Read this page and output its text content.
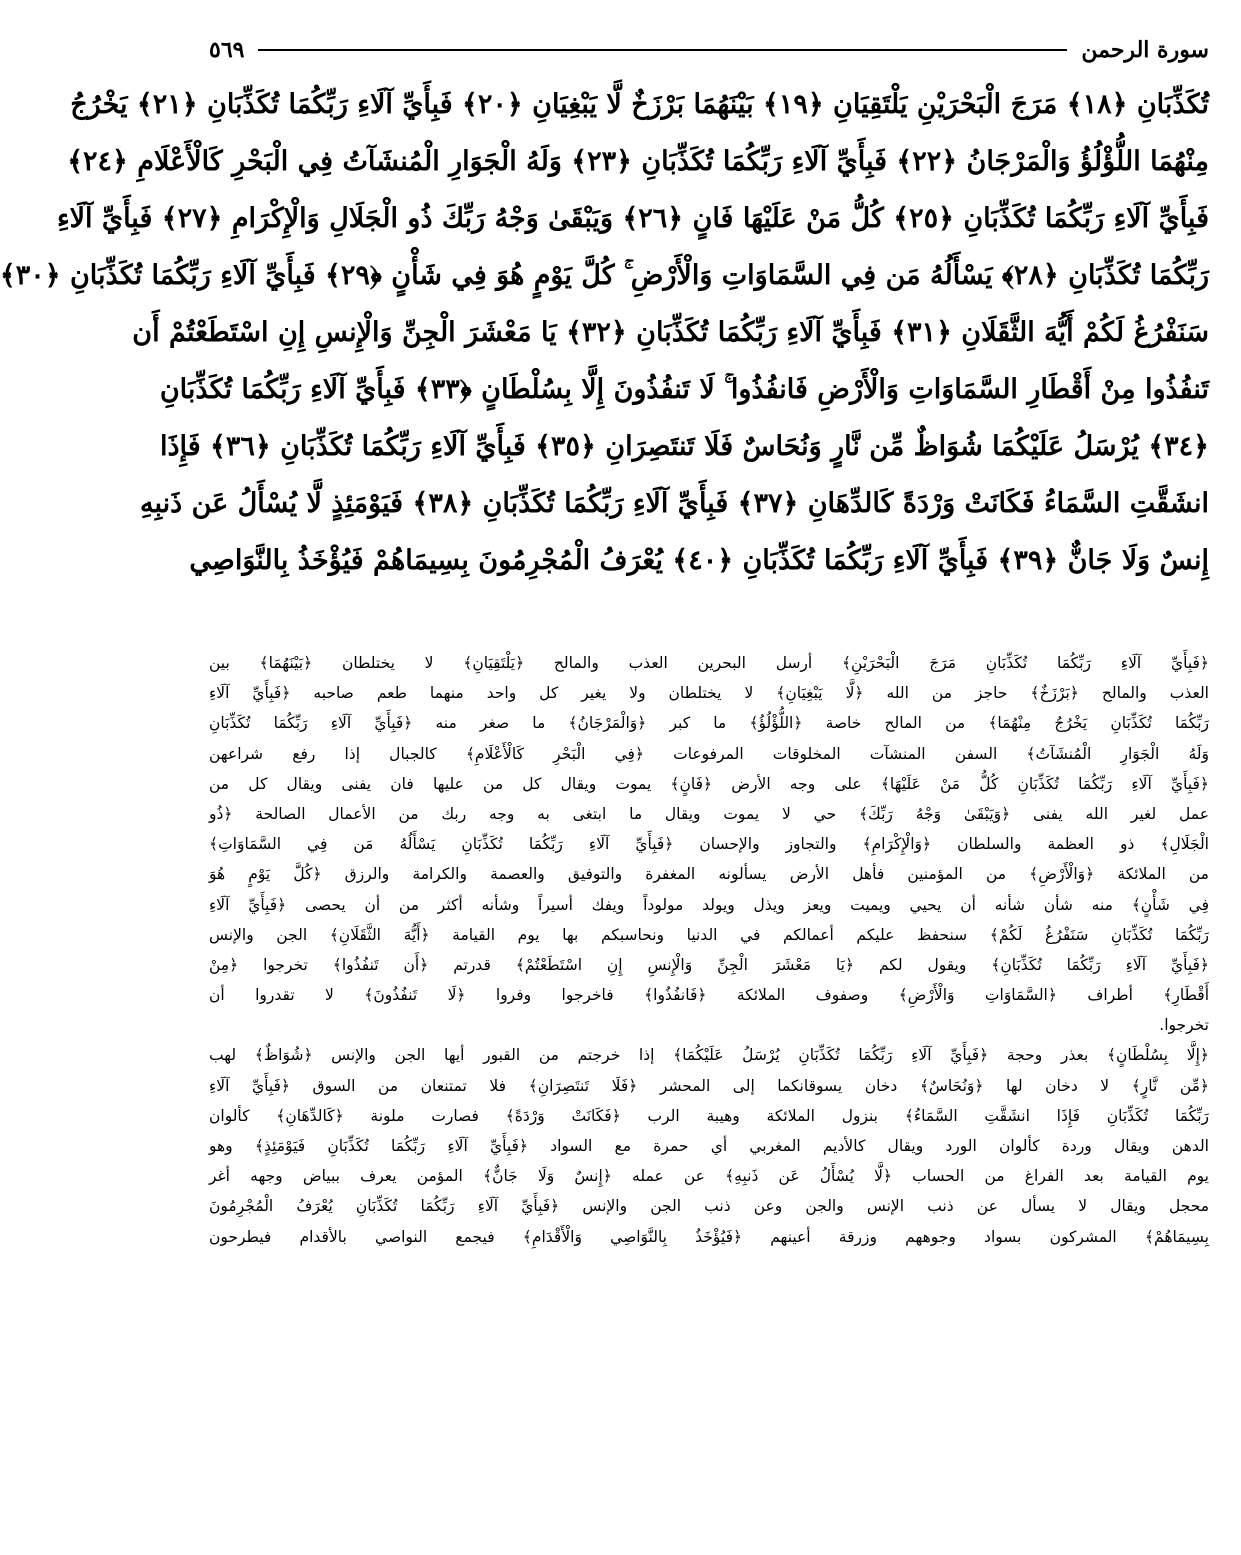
سورة الرحمن
٥٦٩
تُكَذِّبَانِ ﴿١٨﴾ مَرَجَ الْبَحْرَيْنِ يَلْتَقِيَانِ ﴿١٩﴾ بَيْنَهُمَا بَرْزَخٌ لَّا يَبْغِيَانِ ﴿٢٠﴾ فَبِأَيِّ آلَاءِ رَبِّكُمَا تُكَذِّبَانِ ﴿٢١﴾ يَخْرُجُ
مِنْهُمَا اللُّؤْلُؤُ وَالْمَرْجَانُ ﴿٢٢﴾ فَبِأَيِّ آلَاءِ رَبِّكُمَا تُكَذِّبَانِ ﴿٢٣﴾ وَلَهُ الْجَوَارِ الْمُنشَآتُ فِي الْبَحْرِ كَالْأَعْلَامِ ﴿٢٤﴾
فَبِأَيِّ آلَاءِ رَبِّكُمَا تُكَذِّبَانِ ﴿٢٥﴾ كُلُّ مَنْ عَلَيْهَا فَانٍ ﴿٢٦﴾ وَيَبْقَىٰ وَجْهُ رَبِّكَ ذُو الْجَلَالِ وَالْإِكْرَامِ ﴿٢٧﴾ فَبِأَيِّ آلَاءِ
رَبِّكُمَا تُكَذِّبَانِ ﴿٢٨﴾ يَسْأَلُهُ مَن فِي السَّمَاوَاتِ وَالْأَرْضِ ۚ كُلَّ يَوْمٍ هُوَ فِي شَأْنٍ ﴿٢٩﴾ فَبِأَيِّ آلَاءِ رَبِّكُمَا تُكَذِّبَانِ ﴿٣٠﴾
سَنَفْرُغُ لَكُمْ أَيُّهَ الثَّقَلَانِ ﴿٣١﴾ فَبِأَيِّ آلَاءِ رَبِّكُمَا تُكَذِّبَانِ ﴿٣٢﴾ يَا مَعْشَرَ الْجِنِّ وَالْإِنسِ إِنِ اسْتَطَعْتُمْ أَن
تَنفُذُوا مِنْ أَقْطَارِ السَّمَاوَاتِ وَالْأَرْضِ فَانفُذُوا ۚ لَا تَنفُذُونَ إِلَّا بِسُلْطَانٍ ﴿٣٣﴾ فَبِأَيِّ آلَاءِ رَبِّكُمَا تُكَذِّبَانِ
﴿٣٤﴾ يُرْسَلُ عَلَيْكُمَا شُوَاظٌ مِّن نَّارٍ وَنُحَاسٌ فَلَا تَنتَصِرَانِ ﴿٣٥﴾ فَبِأَيِّ آلَاءِ رَبِّكُمَا تُكَذِّبَانِ ﴿٣٦﴾ فَإِذَا
انشَقَّتِ السَّمَاءُ فَكَانَتْ وَرْدَةً كَالدِّهَانِ ﴿٣٧﴾ فَبِأَيِّ آلَاءِ رَبِّكُمَا تُكَذِّبَانِ ﴿٣٨﴾ فَيَوْمَئِذٍ لَّا يُسْأَلُ عَن ذَنبِهِ
إِنسٌ وَلَا جَانٌّ ﴿٣٩﴾ فَبِأَيِّ آلَاءِ رَبِّكُمَا تُكَذِّبَانِ ﴿٤٠﴾ يُعْرَفُ الْمُجْرِمُونَ بِسِيمَاهُمْ فَيُؤْخَذُ بِالنَّوَاصِي
﴿فَبِأَيِّ آلَاءِ رَبِّكُمَا تُكَذِّبَانِ مَرَجَ الْبَحْرَيْنِ﴾ أرسل البحرين العذب والمالح ﴿يَلْتَقِيَانِ﴾ لا يختلطان ﴿بَيْنَهُمَا﴾ بين
العذب والمالح ﴿بَرْزَخٌ﴾ حاجز من الله ﴿لَّا يَبْغِيَانِ﴾ لا يختلطان ولا يغير كل واحد منهما طعم صاحبه ﴿فَبِأَيِّ آلَاءِ
رَبِّكُمَا تُكَذِّبَانِ يَخْرُجُ مِنْهُمَا﴾ من المالح خاصة ﴿اللُّؤْلُؤُ﴾ ما كبر ﴿وَالْمَرْجَانُ﴾ ما صغر منه ﴿فَبِأَيِّ آلَاءِ رَبِّكُمَا تُكَذِّبَانِ
وَلَهُ الْجَوَارِ الْمُنشَآتُ﴾ السفن المنشآت المخلوقات المرفوعات ﴿فِي الْبَحْرِ كَالْأَعْلَامِ﴾ كالجبال إذا رفع شراعهن
﴿فَبِأَيِّ آلَاءِ رَبِّكُمَا تُكَذِّبَانِ كُلُّ مَنْ عَلَيْهَا﴾ على وجه الأرض ﴿فَانٍ﴾ يموت ويقال كل من عليها فان يفنى ويقال كل من
عمل لغير الله يفنى ﴿وَيَبْقَىٰ وَجْهُ رَبِّكَ﴾ حي لا يموت ويقال ما ابتغى به وجه ربك من الأعمال الصالحة ﴿ذُو
الْجَلَالِ﴾ ذو العظمة والسلطان ﴿وَالْإِكْرَامِ﴾ والتجاوز والإحسان ﴿فَبِأَيِّ آلَاءِ رَبِّكُمَا تُكَذِّبَانِ يَسْأَلُهُ مَن فِي السَّمَاوَاتِ﴾
من الملائكة ﴿وَالْأَرْضِ﴾ من المؤمنين فأهل الأرض يسألونه المغفرة والتوفيق والعصمة والكرامة والرزق ﴿كُلَّ يَوْمٍ هُوَ
فِي شَأْنٍ﴾ منه شأن شأنه أن يحيي ويميت ويعز ويذل ويولد مولوداً ويفك أسيراً وشأنه أكثر من أن يحصى ﴿فَبِأَيِّ آلَاءِ
رَبِّكُمَا تُكَذِّبَانِ سَنَفْرُغُ لَكُمْ﴾ سنحفظ عليكم أعمالكم في الدنيا ونحاسبكم بها يوم القيامة ﴿أَيُّهَ الثَّقَلَانِ﴾ الجن والإنس
﴿فَبِأَيِّ آلَاءِ رَبِّكُمَا تُكَذِّبَانِ﴾ ويقول لكم ﴿يَا مَعْشَرَ الْجِنِّ وَالْإِنسِ إِنِ اسْتَطَعْتُمْ﴾ قدرتم ﴿أَن تَنفُذُوا﴾ تخرجوا ﴿مِنْ
أَقْطَارِ﴾ أطراف ﴿السَّمَاوَاتِ وَالْأَرْضِ﴾ وصفوف الملائكة ﴿فَانفُذُوا﴾ فاخرجوا وفروا ﴿لَا تَنفُذُونَ﴾ لا تقدروا أن
تخرجوا.
﴿إِلَّا بِسُلْطَانٍ﴾ بعذر وحجة ﴿فَبِأَيِّ آلَاءِ رَبِّكُمَا تُكَذِّبَانِ يُرْسَلُ عَلَيْكُمَا﴾ إذا خرجتم من القبور أيها الجن والإنس ﴿شُوَاظٌ﴾ لهب
﴿مِّن نَّارٍ﴾ لا دخان لها ﴿وَنُحَاسٌ﴾ دخان يسوقانكما إلى المحشر ﴿فَلَا تَنتَصِرَانِ﴾ فلا تمتنعان من السوق ﴿فَبِأَيِّ آلَاءِ
رَبِّكُمَا تُكَذِّبَانِ فَإِذَا انشَقَّتِ السَّمَاءُ﴾ بنزول الملائكة وهيبة الرب ﴿فَكَانَتْ وَرْدَةً﴾ فصارت ملونة ﴿كَالدِّهَانِ﴾ كألوان
الدهن ويقال وردة كألوان الورد ويقال كالأديم المغربي أي حمرة مع السواد ﴿فَبِأَيِّ آلَاءِ رَبِّكُمَا تُكَذِّبَانِ فَيَوْمَئِذٍ﴾ وهو
يوم القيامة بعد الفراغ من الحساب ﴿لَّا يُسْأَلُ عَن ذَنبِهِ﴾ عن عمله ﴿إِنسٌ وَلَا جَانٌّ﴾ المؤمن يعرف ببياض وجهه أغر
محجل ويقال لا يسأل عن ذنب الإنس والجن وعن ذنب الجن والإنس ﴿فَبِأَيِّ آلَاءِ رَبِّكُمَا تُكَذِّبَانِ يُعْرَفُ الْمُجْرِمُونَ
بِسِيمَاهُمْ﴾ المشركون بسواد وجوههم وزرقة أعينهم ﴿فَيُؤْخَذُ بِالنَّوَاصِي وَالْأَقْدَامِ﴾ فيجمع النواصي بالأقدام فيطرحون
